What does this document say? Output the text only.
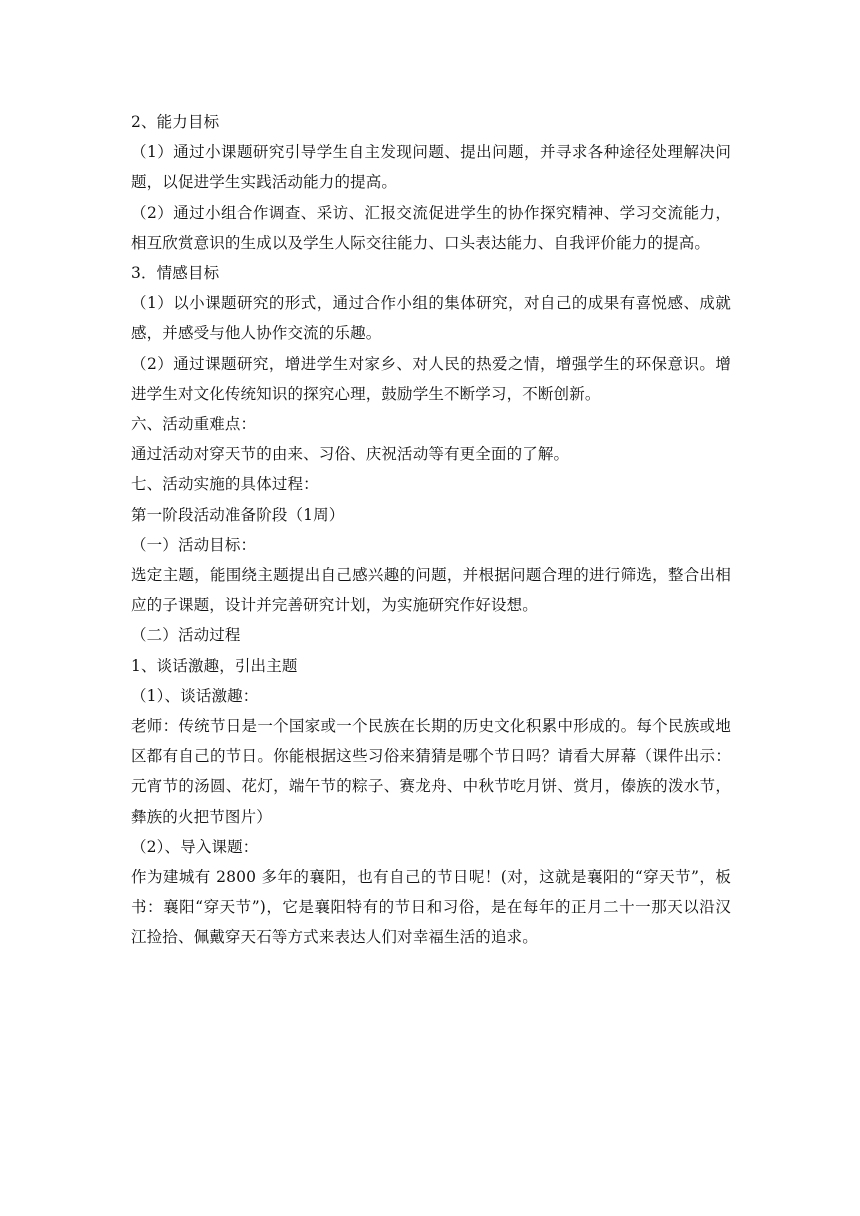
2、能力目标

（1）通过小课题研究引导学生自主发现问题、提出问题，并寻求各种途径处理解决问题，以促进学生实践活动能力的提高。

（2）通过小组合作调查、采访、汇报交流促进学生的协作探究精神、学习交流能力，相互欣赏意识的生成以及学生人际交往能力、口头表达能力、自我评价能力的提高。

3．情感目标

（1）以小课题研究的形式，通过合作小组的集体研究，对自己的成果有喜悦感、成就感，并感受与他人协作交流的乐趣。

（2）通过课题研究，增进学生对家乡、对人民的热爱之情，增强学生的环保意识。增进学生对文化传统知识的探究心理，鼓励学生不断学习，不断创新。

六、活动重难点：

通过活动对穿天节的由来、习俗、庆祝活动等有更全面的了解。

七、活动实施的具体过程：

第一阶段活动准备阶段（1周）

（一）活动目标：

选定主题，能围绕主题提出自己感兴趣的问题，并根据问题合理的进行筛选，整合出相应的子课题，设计并完善研究计划，为实施研究作好设想。

（二）活动过程

1、谈话激趣，引出主题

（1）、谈话激趣：

老师：传统节日是一个国家或一个民族在长期的历史文化积累中形成的。每个民族或地区都有自己的节日。你能根据这些习俗来猜猜是哪个节日吗？请看大屏幕（课件出示：元宵节的汤圆、花灯，端午节的粽子、赛龙舟、中秋节吃月饼、赏月，傣族的泼水节，彝族的火把节图片）

（2）、导入课题：

作为建城有 2800 多年的襄阳，也有自己的节日呢！(对，这就是襄阳的“穿天节”，板书：襄阳“穿天节”)，它是襄阳特有的节日和习俗，是在每年的正月二十一那天以沿汉江捡拾、佩戴穿天石等方式来表达人们对幸福生活的追求。
